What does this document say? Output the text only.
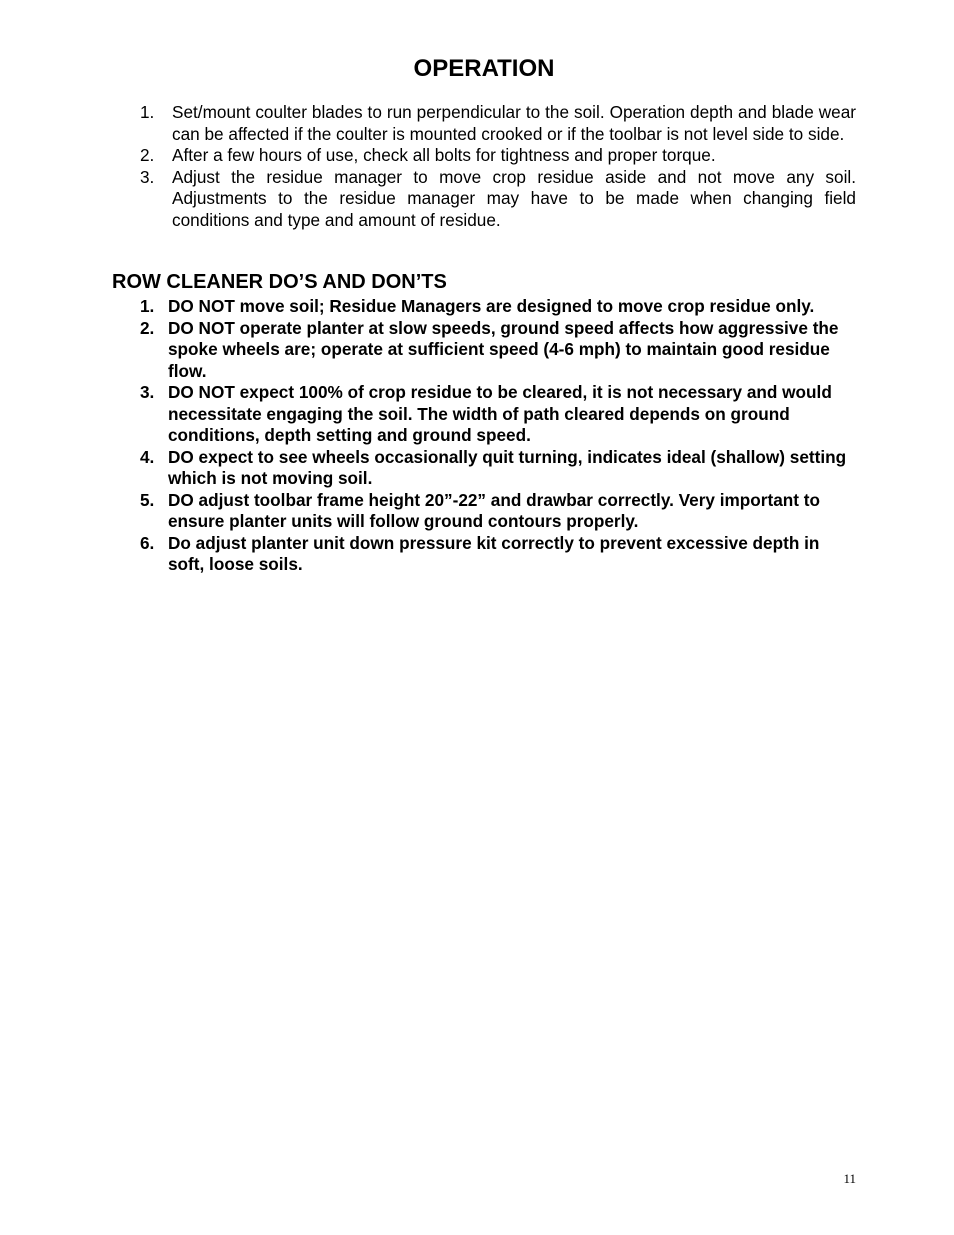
OPERATION
1. Set/mount coulter blades to run perpendicular to the soil. Operation depth and blade wear can be affected if the coulter is mounted crooked or if the toolbar is not level side to side.
2. After a few hours of use, check all bolts for tightness and proper torque.
3. Adjust the residue manager to move crop residue aside and not move any soil. Adjustments to the residue manager may have to be made when changing field conditions and type and amount of residue.
ROW CLEANER DO’S AND DON’TS
1. DO NOT move soil; Residue Managers are designed to move crop residue only.
2. DO NOT operate planter at slow speeds, ground speed affects how aggressive the spoke wheels are; operate at sufficient speed (4-6 mph) to maintain good residue flow.
3. DO NOT expect 100% of crop residue to be cleared, it is not necessary and would necessitate engaging the soil. The width of path cleared depends on ground conditions, depth setting and ground speed.
4. DO expect to see wheels occasionally quit turning, indicates ideal (shallow) setting which is not moving soil.
5. DO adjust toolbar frame height 20”-22” and drawbar correctly. Very important to ensure planter units will follow ground contours properly.
6. Do adjust planter unit down pressure kit correctly to prevent excessive depth in soft, loose soils.
11
